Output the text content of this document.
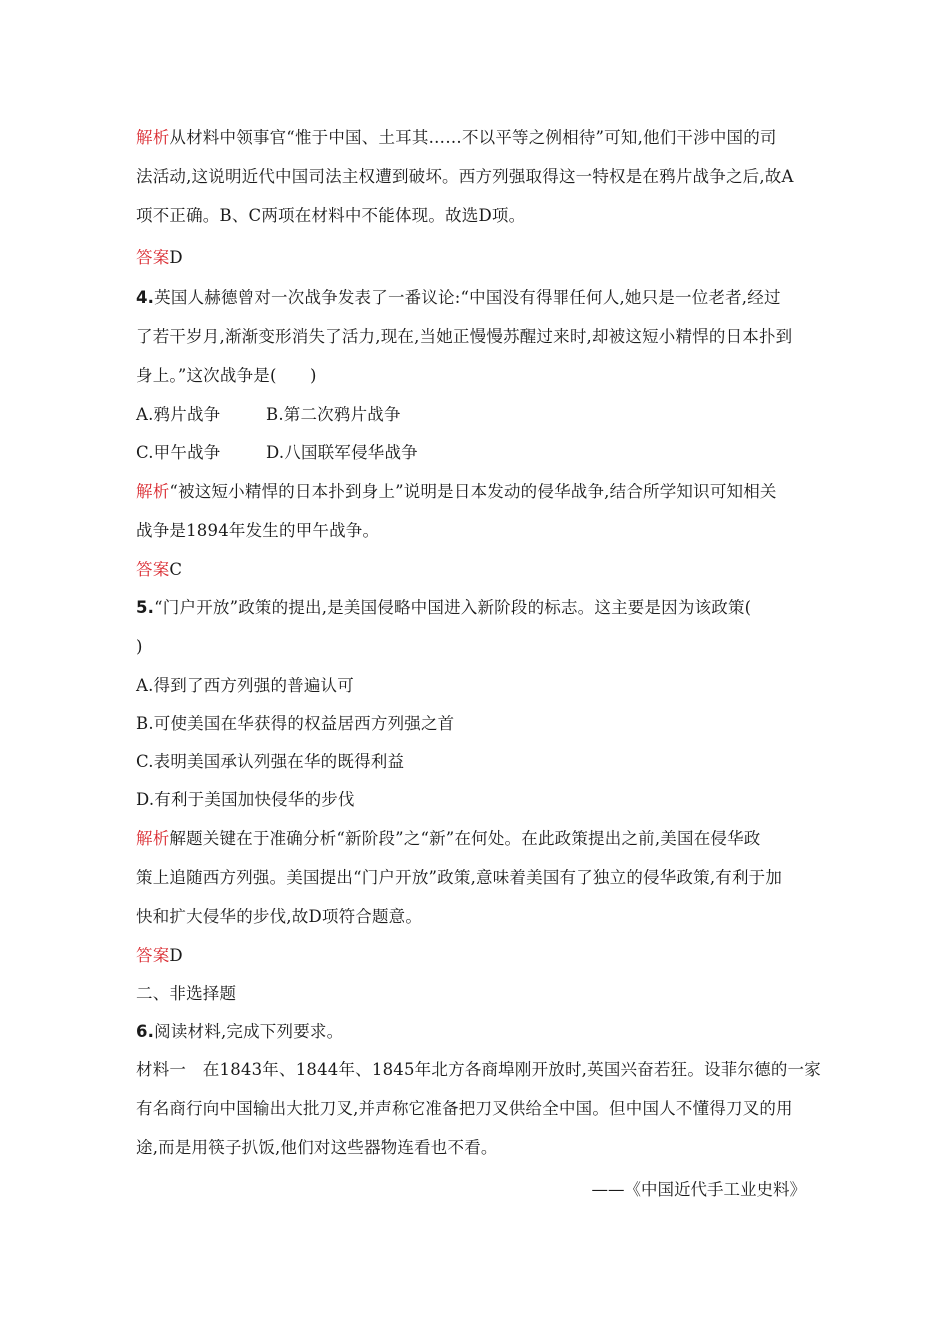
解析从材料中领事官“惟于中国、土耳其……不以平等之例相待”可知,他们干涉中国的司
法活动,这说明近代中国司法主权遭到破坏。西方列强取得这一特权是在鸦片战争之后,故A
项不正确。B、C两项在材料中不能体现。故选D项。
答案D
4.英国人赫德曾对一次战争发表了一番议论:“中国没有得罪任何人,她只是一位老者,经过
了若干岁月,渐渐变形消失了活力,现在,当她正慢慢苏醒过来时,却被这短小精悍的日本扑到
身上。”这次战争是(　　)
A.鸦片战争	B.第二次鸦片战争
C.甲午战争	D.八国联军侵华战争
解析“被这短小精悍的日本扑到身上”说明是日本发动的侵华战争,结合所学知识可知相关
战争是1894年发生的甲午战争。
答案C
5.“门户开放”政策的提出,是美国侵略中国进入新阶段的标志。这主要是因为该政策(
)
A.得到了西方列强的普遍认可
B.可使美国在华获得的权益居西方列强之首
C.表明美国承认列强在华的既得利益
D.有利于美国加快侵华的步伐
解析解题关键在于准确分析“新阶段”之“新”在何处。在此政策提出之前,美国在侵华政
策上追随西方列强。美国提出“门户开放”政策,意味着美国有了独立的侵华政策,有利于加
快和扩大侵华的步伐,故D项符合题意。
答案D
二、非选择题
6.阅读材料,完成下列要求。
材料一　在1843年、1844年、1845年北方各商埠刚开放时,英国兴奋若狂。设菲尔德的一家
有名商行向中国输出大批刀叉,并声称它准备把刀叉供给全中国。但中国人不懂得刀叉的用
途,而是用筷子扒饭,他们对这些器物连看也不看。
——《中国近代手工业史料》
